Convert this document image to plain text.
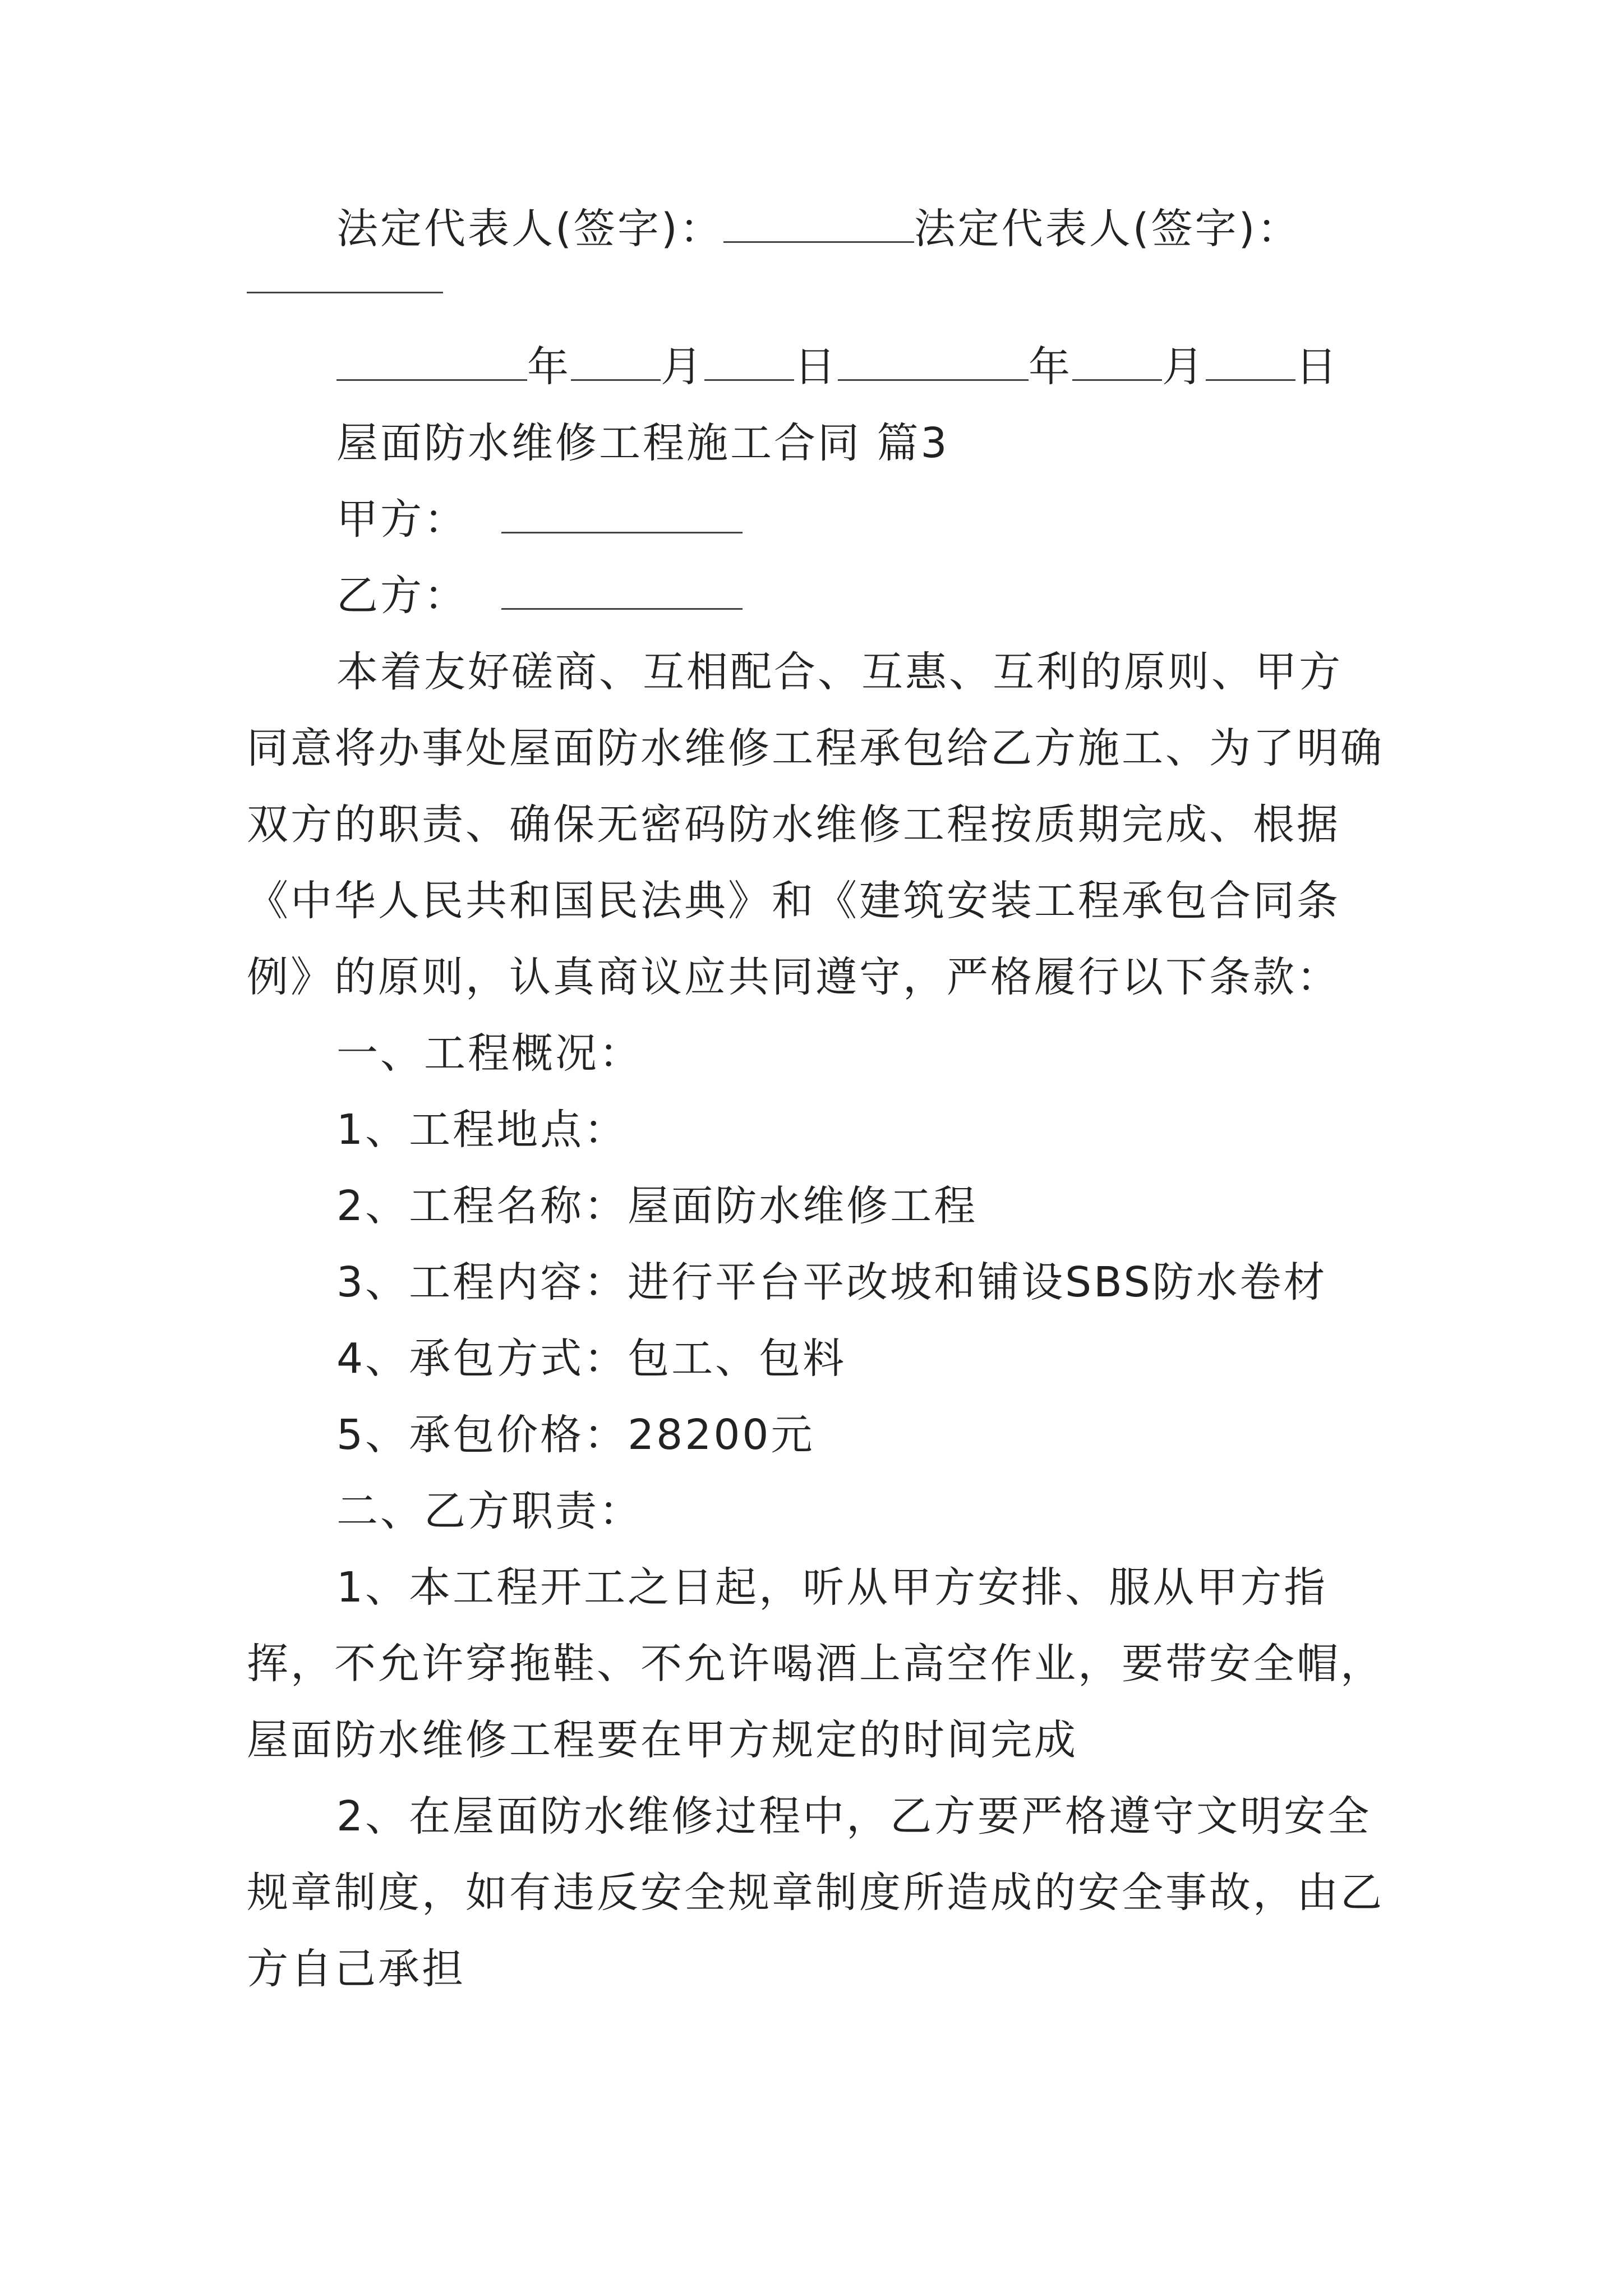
法定代表人(签字)：	法定代表人(签字)：

年 月 日	年 月 日

屋面防水维修工程施工合同 篇3

甲方：

乙方：

本着友好磋商、互相配合、互惠、互利的原则、甲方同意将办事处屋面防水维修工程承包给乙方施工、为了明确双方的职责、确保无密码防水维修工程按质期完成、根据《中华人民共和国民法典》和《建筑安装工程承包合同条例》的原则，认真商议应共同遵守，严格履行以下条款：

一、工程概况：

1、工程地点：

2、工程名称：屋面防水维修工程

3、工程内容：进行平台平改坡和铺设SBS防水卷材

4、承包方式：包工、包料

5、承包价格：28200元

二、乙方职责：

1、本工程开工之日起，听从甲方安排、服从甲方指挥，不允许穿拖鞋、不允许喝酒上高空作业，要带安全帽，屋面防水维修工程要在甲方规定的时间完成

2、在屋面防水维修过程中，乙方要严格遵守文明安全规章制度，如有违反安全规章制度所造成的安全事故，由乙方自己承担
